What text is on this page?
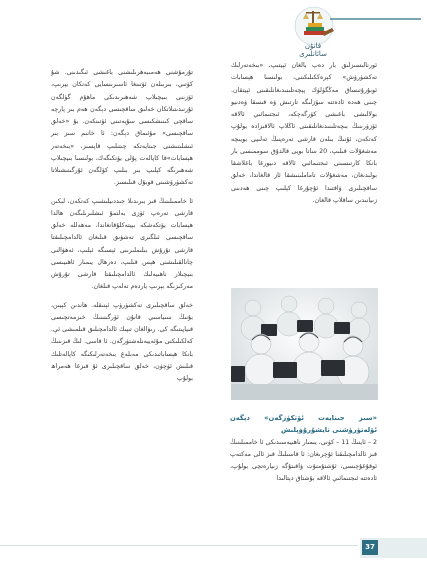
قانۇن سائانلىرى

ئورنالىسىزلىق بار دەپ بالغان ئېيتىپ، «بىخەتەرلىك تەكشۈرۈش» كېرەككىلىكىنى، بولىسىا ھېسابات ئوبۇرۇتىساق مەڭگۈلۈك پېچەتلىنىدىغانلىقىنى ئېيتقان. چىنى ھەدە ئادەتتە سۆزلىگە تارتىش ۋە قىسقا ۋەدىيو بولالىشى باغىشى كۆرگەچكە، ئىجتىمائىي ئالاقە ئۆزۈرىنىڭ بىچەتلىنىدىغانلىقىنى ئاڭلاپ ئالاقىزادە بولۇپ كەتكەن، ئۇنىڭ بىلەن قارشى تەرەپنىڭ تەلىپى بويىچە مەشغۇلات قىلىپ، 20 ساتا بويى قالدۇق سوممىسى بار بانكا كارتىسىنى ئىجتىمائىي ئالاقە دىيورغا باغلاشقا بولىدىغان، مەشغۇلات تاماملىنىشقا ئاز قالغاندا، خەلق ساقچىلىرى ۋاقتىدا ئۇچۇرغا كېلىپ چىنى ھەدىنى زىيانىدىن ساقلاپ قالغان.

«سىز جىنايەت ئۆتكۈزگەن» دېگەن ئۆلەتۈرۈشنى تايشۇرۇۋېلىش

2 – ئاينىڭ 11 – كۈنى، يىمىار ناھىيەسىدىكى ئا خاممىلىنىڭ قىز ئالدامچىلىقنا ئۇچرىغان: ئا قاسىلىڭ قىز ئالى مەكتەپ ئوقۇغۇچىسى، ئۇشتۇمتۇت ۋاقىتۇگە زىيارەتچى بولۇپ، ئادەتتە ئىجتىمائىي ئالاقە بۇشتاق دېتالىدا

تۇرمۇشنى ھەمىبەھرىلىشنى باغىشى ئىگىدىنى. شۇ كۆتىي، بىرىىلەن ئۆتىنغا ئاسىرىنسايى كەتكان يېرىپ، ئۆزىنى بىيچىلاپ شەھىرىدىكى ماھۇم گۈلگەن ئۇرنىدىتىلاتكان خەلىق ساقچىسى دېگەن ھەم بىر پارچە ساقچى كىنىشكىسى سۇپەتىنى ئۆتىنكەن. بۇ «خەلق ساقچىسى» مۇئىماق دېگەن: ئا خانىم سىز بىر ئىشلىتىشنى جىنايەتكە چىتىلىپ قاپسىز، «بىخەتەر ھېسابات»قا كاپالەت پۇلى يۆتكىگەك، بولىسىا بىيچىلاپ شەھىرىگە كېلىپ بىر بىلىپ كۆلگەن ئۇرگىنىشىلاتا تەكشۈرۈشىنى قوبۇل قىلىسىز.

ئا خاممىلىنىڭ قىز بىرىدىلا جىددىيلىشىپ كەتكەن، لېكىن قارشى تەرەپ ئۆزى بەلتمۇ ئىشلىرىلىگەن ھالدا ھېسابات يۆتكەشكە بېيتەكلۇقانغاندا، مەھەللە خەلق ساقچىسى ئىلگىرى تەشۋىق قىلىغان ئالدامچىلىقتا قارشى تۇرۇش بىلىملىرىنى ئېسىگە ئېلىپ، ئەھۋالنى چانالقىلىشنى ھېس قىلىپ، دەرھال يىمىار ئاھىيىسى بىيچىلار ناھىيەلىك ئالدامچىلىقتا قارشى تۇرۇش مەركىزىگە بېرىپ ياردەم تەلەپ قىلغان.

خەلق ساقچىلىرى تەكشۈرۈپ ئېنىقلە. ھاندىن كېيىن، بۇنىڭ سىياسىي قانۇن ئۆرگىنىنىڭ خىزمەتچىسى قىياپىتىگە كى. رىۋالغان تىپىك ئالدامچىلىق قىلمىشى ئې. كەلكىلىكنى مۇئەييەنلەشتۈرگەن. ئا قاسى. لىڭ قىزىنىڭ بانكا ھېساباتىدىكى مەبلەغ بىخەتەرلىكىگە كاپالەتلىك قىلىش ئۈچۈن، خەلق ساقچىلىرى ئۇ قىزغا ھەمراھ بولۇپ

37
